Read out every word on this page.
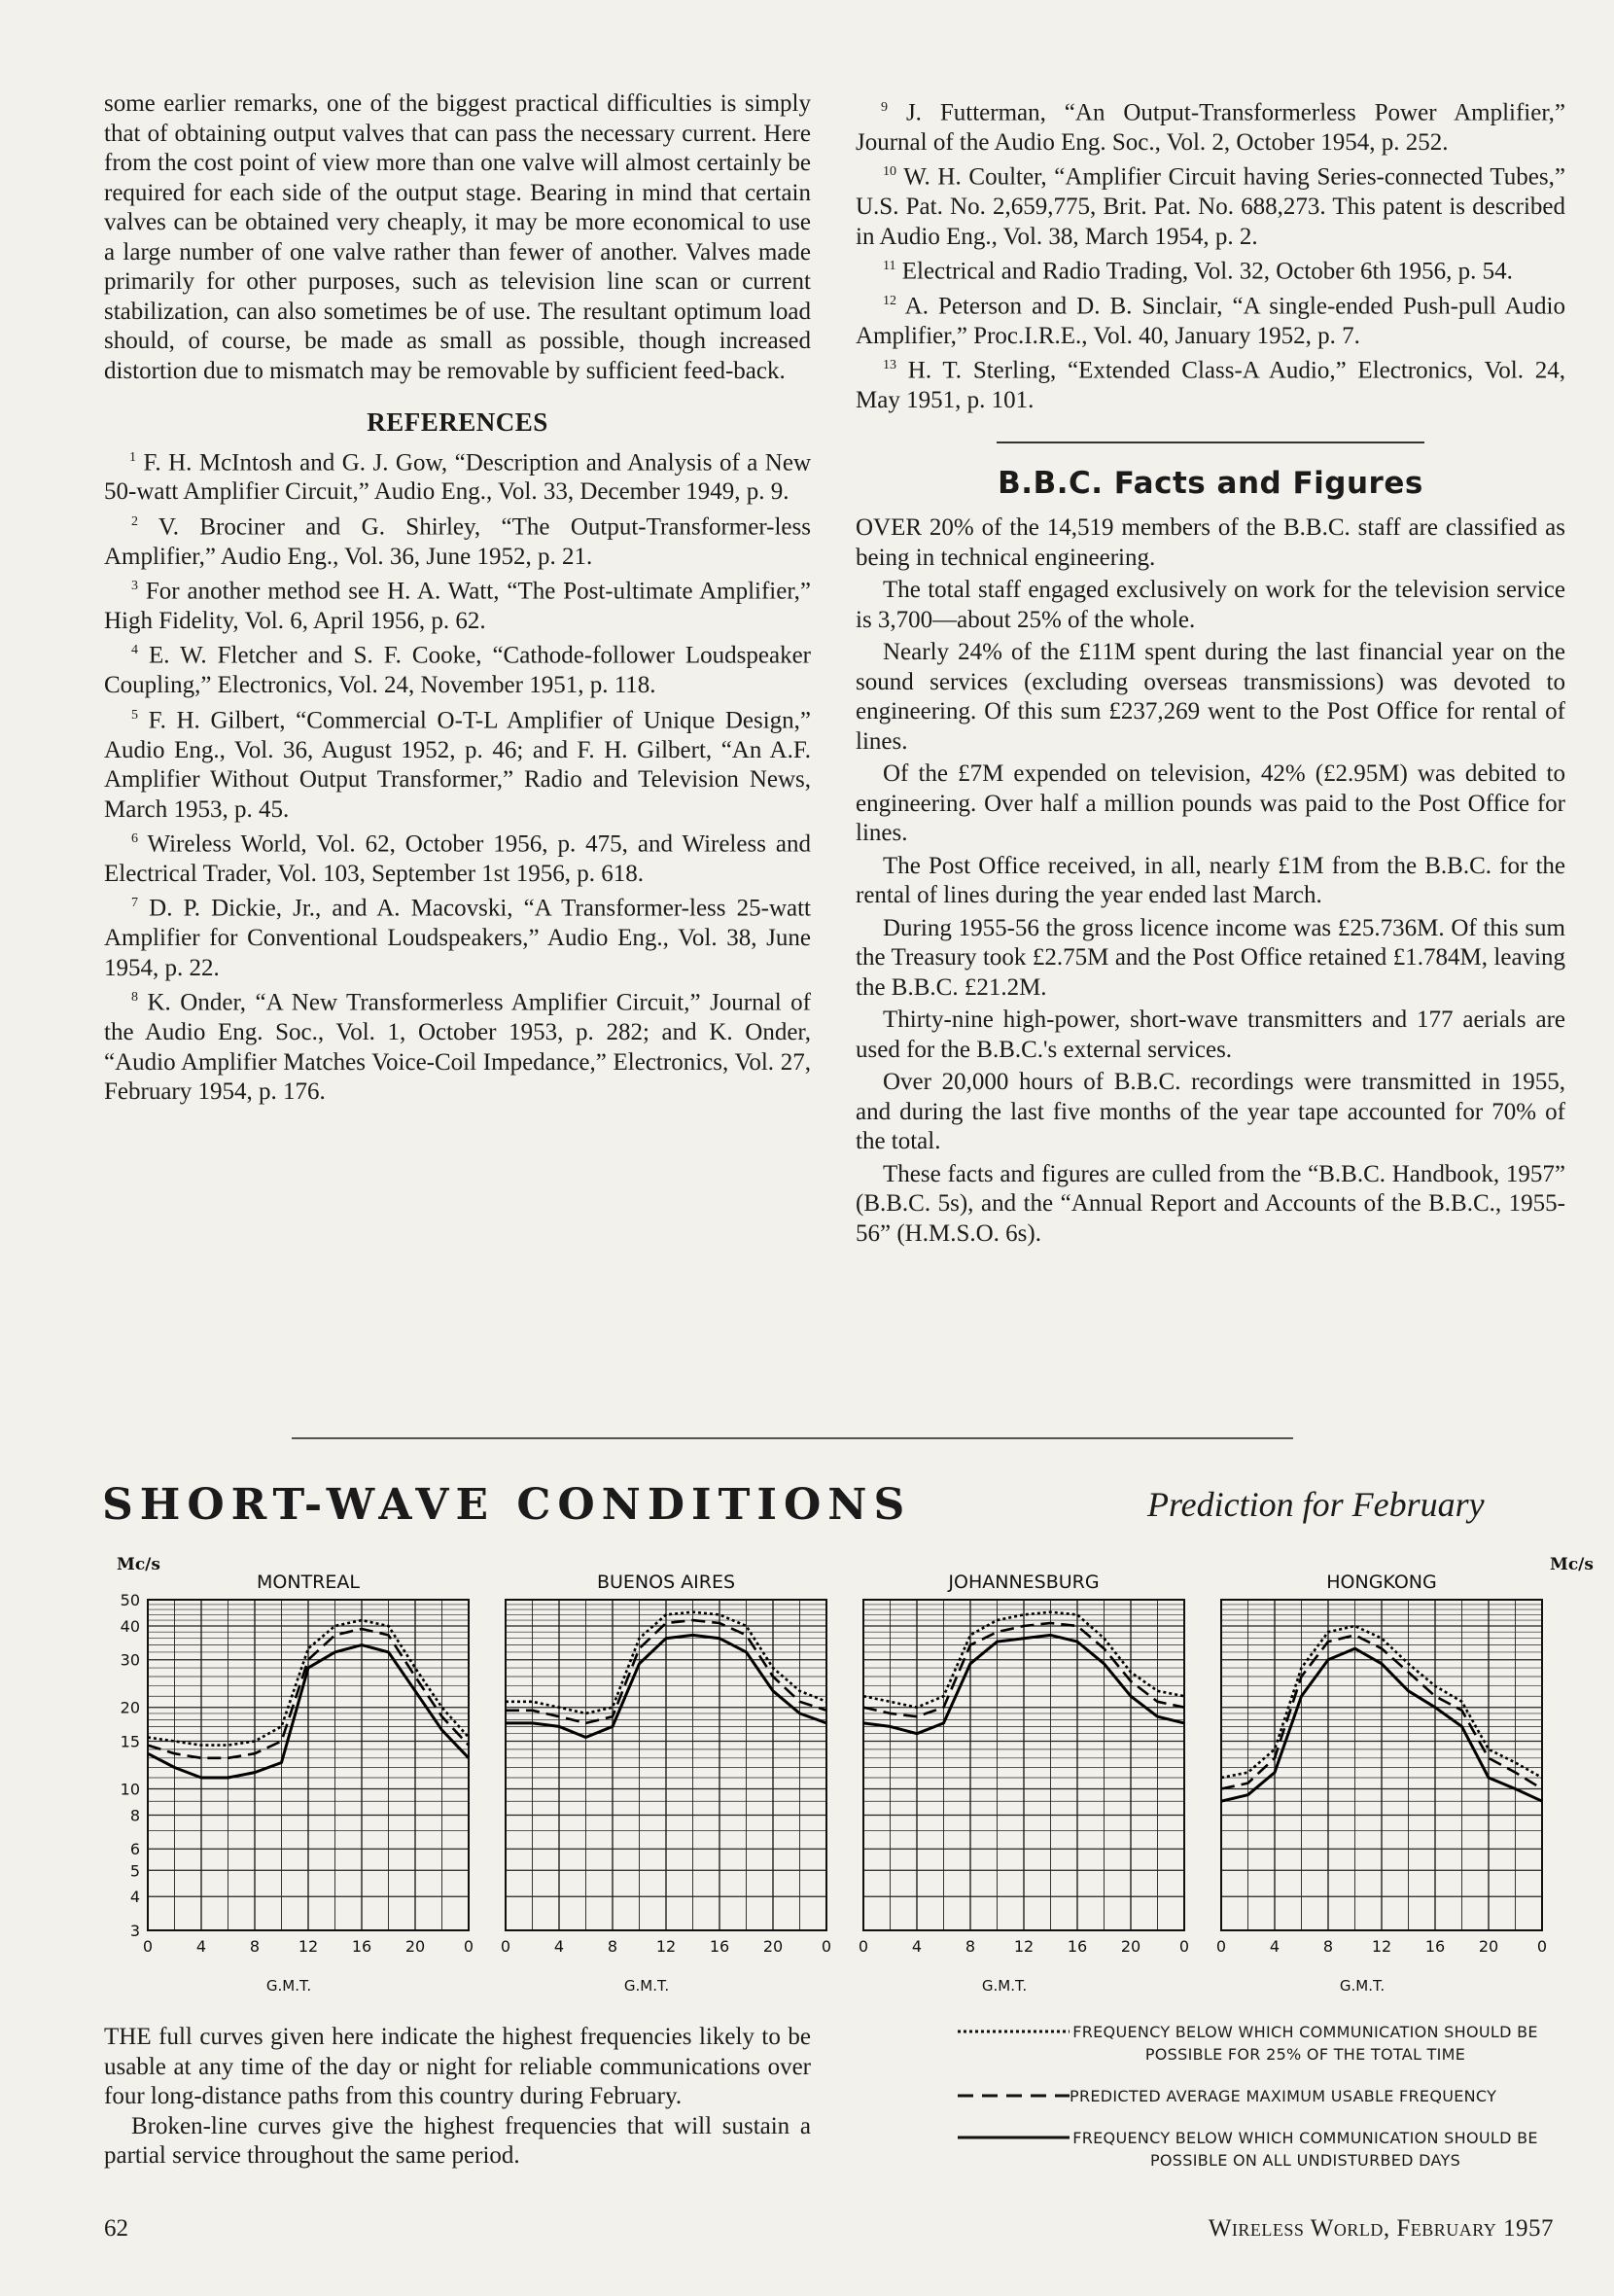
some earlier remarks, one of the biggest practical difficulties is simply that of obtaining output valves that can pass the necessary current. Here from the cost point of view more than one valve will almost certainly be required for each side of the output stage. Bearing in mind that certain valves can be obtained very cheaply, it may be more economical to use a large number of one valve rather than fewer of another. Valves made primarily for other purposes, such as television line scan or current stabilization, can also sometimes be of use. The resultant optimum load should, of course, be made as small as possible, though increased distortion due to mismatch may be removable by sufficient feed-back.

REFERENCES

$^1$ F. H. McIntosh and G. J. Gow, “Description and Analysis of a New 50-watt Amplifier Circuit,” Audio Eng., Vol. 33, December 1949, p. 9.

$^2$ V. Brociner and G. Shirley, “The Output-Transformer-less Amplifier,” Audio Eng., Vol. 36, June 1952, p. 21.

$^3$ For another method see H. A. Watt, “The Post-ultimate Amplifier,” High Fidelity, Vol. 6, April 1956, p. 62.

$^4$ E. W. Fletcher and S. F. Cooke, “Cathode-follower Loudspeaker Coupling,” Electronics, Vol. 24, November 1951, p. 118.

$^5$ F. H. Gilbert, “Commercial O-T-L Amplifier of Unique Design,” Audio Eng., Vol. 36, August 1952, p. 46; and F. H. Gilbert, “An A.F. Amplifier Without Output Transformer,” Radio and Television News, March 1953, p. 45.

$^6$ Wireless World, Vol. 62, October 1956, p. 475, and Wireless and Electrical Trader, Vol. 103, September 1st 1956, p. 618.

$^7$ D. P. Dickie, Jr., and A. Macovski, “A Transformer-less 25-watt Amplifier for Conventional Loudspeakers,” Audio Eng., Vol. 38, June 1954, p. 22.

$^8$ K. Onder, “A New Transformerless Amplifier Circuit,” Journal of the Audio Eng. Soc., Vol. 1, October 1953, p. 282; and K. Onder, “Audio Amplifier Matches Voice-Coil Impedance,” Electronics, Vol. 27, February 1954, p. 176.

$^9$ J. Futterman, “An Output-Transformerless Power Amplifier,” Journal of the Audio Eng. Soc., Vol. 2, October 1954, p. 252.

$^{10}$ W. H. Coulter, “Amplifier Circuit having Series-connected Tubes,” U.S. Pat. No. 2,659,775, Brit. Pat. No. 688,273. This patent is described in Audio Eng., Vol. 38, March 1954, p. 2.

$^{11}$ Electrical and Radio Trading, Vol. 32, October 6th 1956, p. 54.

$^{12}$ A. Peterson and D. B. Sinclair, “A single-ended Push-pull Audio Amplifier,” Proc.I.R.E., Vol. 40, January 1952, p. 7.

$^{13}$ H. T. Sterling, “Extended Class-A Audio,” Electronics, Vol. 24, May 1951, p. 101.

B.B.C. Facts and Figures

OVER 20% of the 14,519 members of the B.B.C. staff are classified as being in technical engineering.

The total staff engaged exclusively on work for the television service is 3,700—about 25% of the whole.

Nearly 24% of the £11M spent during the last financial year on the sound services (excluding overseas transmissions) was devoted to engineering. Of this sum £237,269 went to the Post Office for rental of lines.

Of the £7M expended on television, 42% (£2.95M) was debited to engineering. Over half a million pounds was paid to the Post Office for lines.

The Post Office received, in all, nearly £1M from the B.B.C. for the rental of lines during the year ended last March.

During 1955-56 the gross licence income was £25.736M. Of this sum the Treasury took £2.75M and the Post Office retained £1.784M, leaving the B.B.C. £21.2M.

Thirty-nine high-power, short-wave transmitters and 177 aerials are used for the B.B.C.'s external services.

Over 20,000 hours of B.B.C. recordings were transmitted in 1955, and during the last five months of the year tape accounted for 70% of the total.

These facts and figures are culled from the “B.B.C. Handbook, 1957” (B.B.C. 5s), and the “Annual Report and Accounts of the B.B.C., 1955-56” (H.M.S.O. 6s).

SHORT-WAVE CONDITIONS	Prediction for February
MONTREAL
3
4
5
6
8
10
15
20
30
40
50
Mc/s
0	4	8 12 16 20 0
G.M.T.
BUENOS AIRES
0	4	8 12 16 20 0
G.M.T.
JOHANNESBURG
0	4	8 12 16 20 0
G.M.T.
HONGKONG
Mc/s
0	4	8 12 16 20 0
G.M.T.

THE full curves given here indicate the highest frequencies likely to be usable at any time of the day or night for reliable communications over four long-distance paths from this country during February.

Broken-line curves give the highest frequencies that will sustain a partial service throughout the same period.

FREQUENCY BELOW WHICH COMMUNICATION SHOULD BE POSSIBLE FOR 25% OF THE TOTAL TIME
PREDICTED AVERAGE MAXIMUM USABLE FREQUENCY
FREQUENCY BELOW WHICH COMMUNICATION SHOULD BE POSSIBLE ON ALL UNDISTURBED DAYS
62	Wireless World, February 1957
